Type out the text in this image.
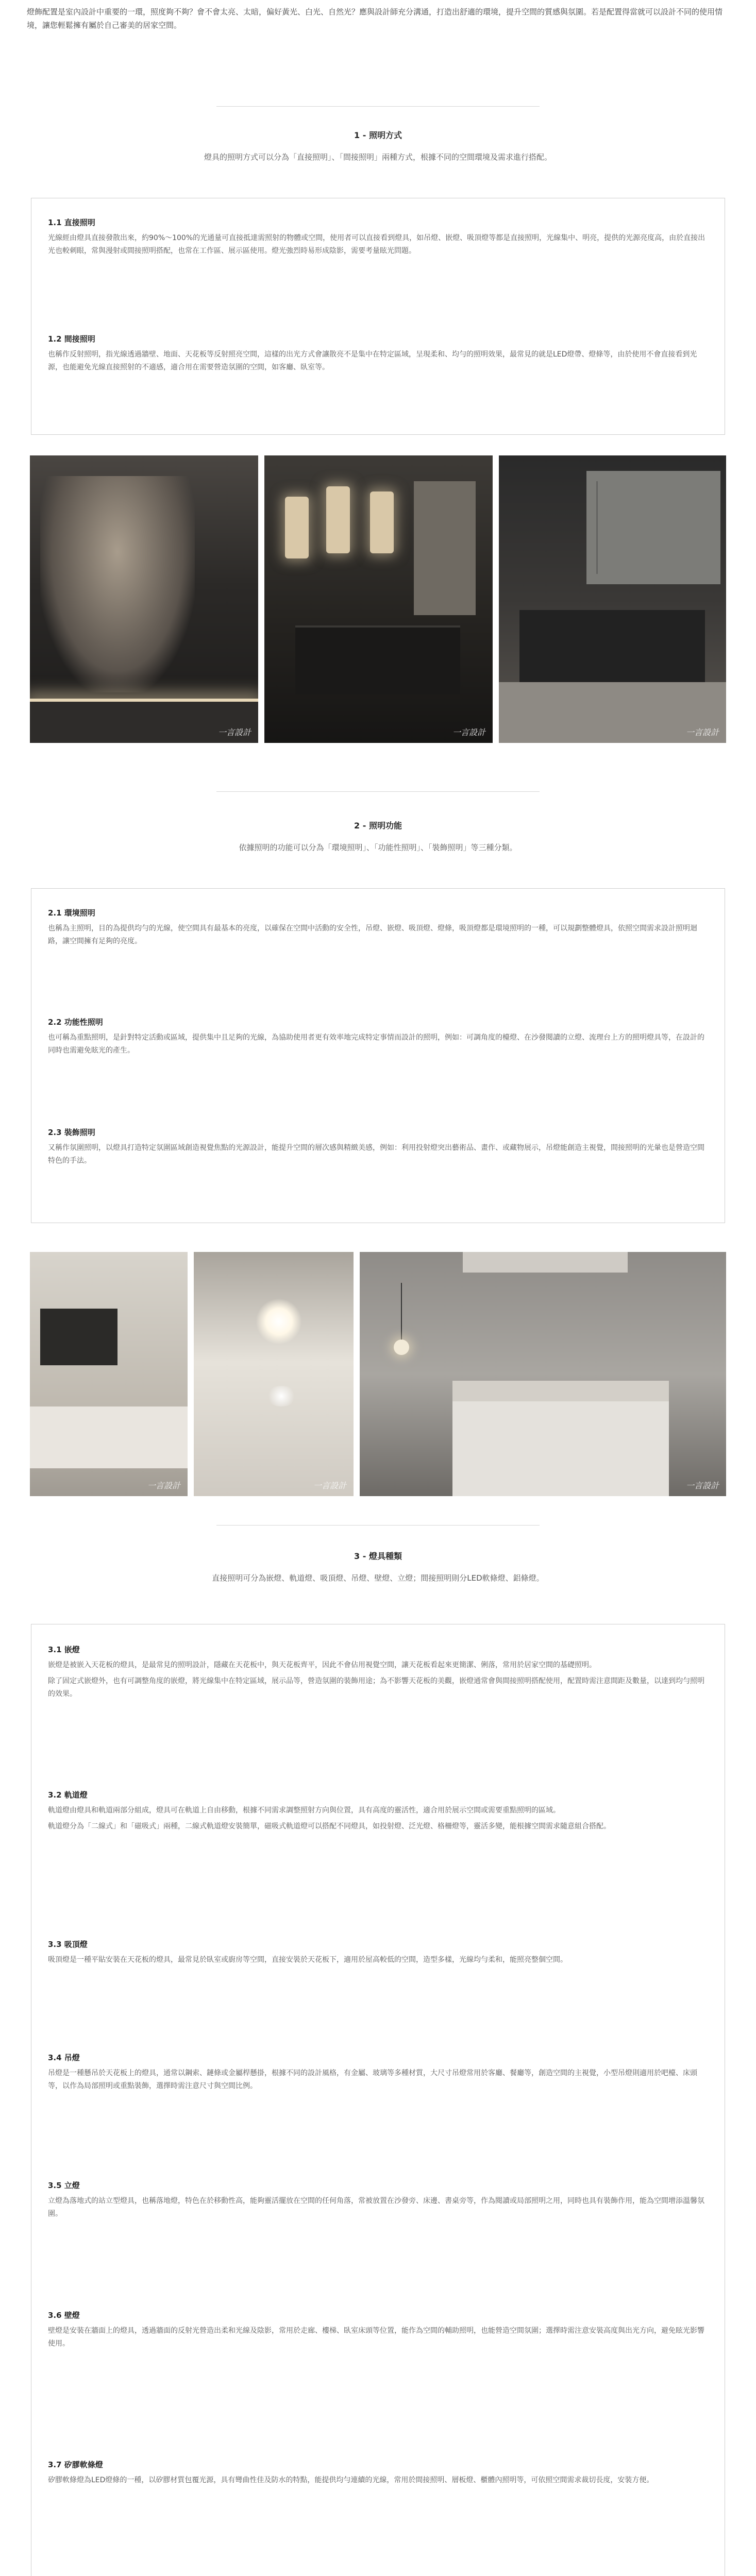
燈飾配置是室內設計中重要的一環，照度夠不夠？會不會太亮、太暗，偏好黃光、白光、自然光？應與設計師充分溝通，打造出舒適的環境，提升空間的質感與氛圍。若是配置得當就可以設計不同的使用情境，讓您輕鬆擁有屬於自己審美的居家空間。
1 - 照明方式
燈具的照明方式可以分為「直接照明」、「間接照明」兩種方式，根據不同的空間環境及需求進行搭配。
1.1 直接照明

光線經由燈具直接發散出來，約90%～100%的光通量可直接抵達需照射的物體或空間，使用者可以直接看到燈具，如吊燈、嵌燈、吸頂燈等都是直接照明，光線集中、明亮，提供的光源亮度高，由於直接出光也較刺眼，常與漫射或間接照明搭配，也常在工作區、展示區使用。燈光強烈時易形成陰影，需要考量眩光問題。

1.2 間接照明

也稱作反射照明，指光線透過牆壁、地面、天花板等反射照亮空間，這樣的出光方式會讓散亮不是集中在特定區域，呈現柔和、均勻的照明效果，最常見的就是LED燈帶、燈條等，由於使用不會直接看到光源，也能避免光線直接照射的不適感，適合用在需要營造氛圍的空間，如客廳、臥室等。

一言設計	一言設計	一言設計
2 - 照明功能
依據照明的功能可以分為「環境照明」、「功能性照明」、「裝飾照明」等三種分類。
2.1 環境照明

也稱為主照明，目的為提供均勻的光線，使空間具有最基本的亮度，以確保在空間中活動的安全性，吊燈、嵌燈、吸頂燈、燈條，吸頂燈都是環境照明的一種，可以規劃整體燈具，依照空間需求設計照明迴路，讓空間擁有足夠的亮度。

2.2 功能性照明

也可稱為重點照明，是針對特定活動或區域，提供集中且足夠的光線，為協助使用者更有效率地完成特定事情而設計的照明，例如：可調角度的檯燈、在沙發閱讀的立燈、流理台上方的照明燈具等，在設計的同時也需避免眩光的產生。

2.3 裝飾照明

又稱作氛圍照明，以燈具打造特定氛圍區域創造視覺焦點的光源設計，能提升空間的層次感與精緻美感，例如：利用投射燈突出藝術品、畫作、或藏物展示，吊燈能創造主視覺，間接照明的光暈也是營造空間特色的手法。

一言設計	一言設計	一言設計
3 - 燈具種類
直接照明可分為嵌燈、軌道燈、吸頂燈、吊燈、壁燈、立燈；間接照明則分LED軟條燈、鋁條燈。
3.1 嵌燈

嵌燈是被嵌入天花板的燈具，是最常見的照明設計，隱藏在天花板中，與天花板齊平，因此不會佔用視覺空間，讓天花板看起來更簡潔、俐落，常用於居家空間的基礎照明。

除了固定式嵌燈外，也有可調整角度的嵌燈，將光線集中在特定區域，展示品等，營造氛圍的裝飾用途；為不影響天花板的美觀，嵌燈通常會與間接照明搭配使用，配置時需注意間距及數量，以達到均勻照明的效果。

3.2 軌道燈

軌道燈由燈具和軌道兩部分組成，燈具可在軌道上自由移動，根據不同需求調整照射方向與位置，具有高度的靈活性，適合用於展示空間或需要重點照明的區域。

軌道燈分為「二線式」和「磁吸式」兩種，二線式軌道燈安裝簡單，磁吸式軌道燈可以搭配不同燈具，如投射燈、泛光燈、格柵燈等，靈活多變，能根據空間需求隨意組合搭配。

3.3 吸頂燈

吸頂燈是一種平貼安裝在天花板的燈具，最常見於臥室或廚房等空間，直接安裝於天花板下，適用於屋高較低的空間，造型多樣，光線均勻柔和，能照亮整個空間。

3.4 吊燈

吊燈是一種懸吊於天花板上的燈具，通常以鋼索、鏈條或金屬桿懸掛，根據不同的設計風格，有金屬、玻璃等多種材質，大尺寸吊燈常用於客廳、餐廳等，創造空間的主視覺，小型吊燈則適用於吧檯、床頭等，以作為局部照明或重點裝飾，選擇時需注意尺寸與空間比例。

3.5 立燈

立燈為落地式的站立型燈具，也稱落地燈，特色在於移動性高，能夠靈活擺放在空間的任何角落，常被放置在沙發旁、床邊、書桌旁等，作為閱讀或局部照明之用，同時也具有裝飾作用，能為空間增添溫馨氛圍。

3.6 壁燈

壁燈是安裝在牆面上的燈具，透過牆面的反射光營造出柔和光線及陰影，常用於走廊、樓梯、臥室床頭等位置，能作為空間的輔助照明，也能營造空間氛圍；選擇時需注意安裝高度與出光方向，避免眩光影響使用。

3.7 矽膠軟條燈

矽膠軟條燈為LED燈條的一種，以矽膠材質包覆光源，具有彎曲性佳及防水的特點，能提供均勻連續的光線，常用於間接照明、層板燈、櫃體內照明等，可依照空間需求裁切長度，安裝方便。
